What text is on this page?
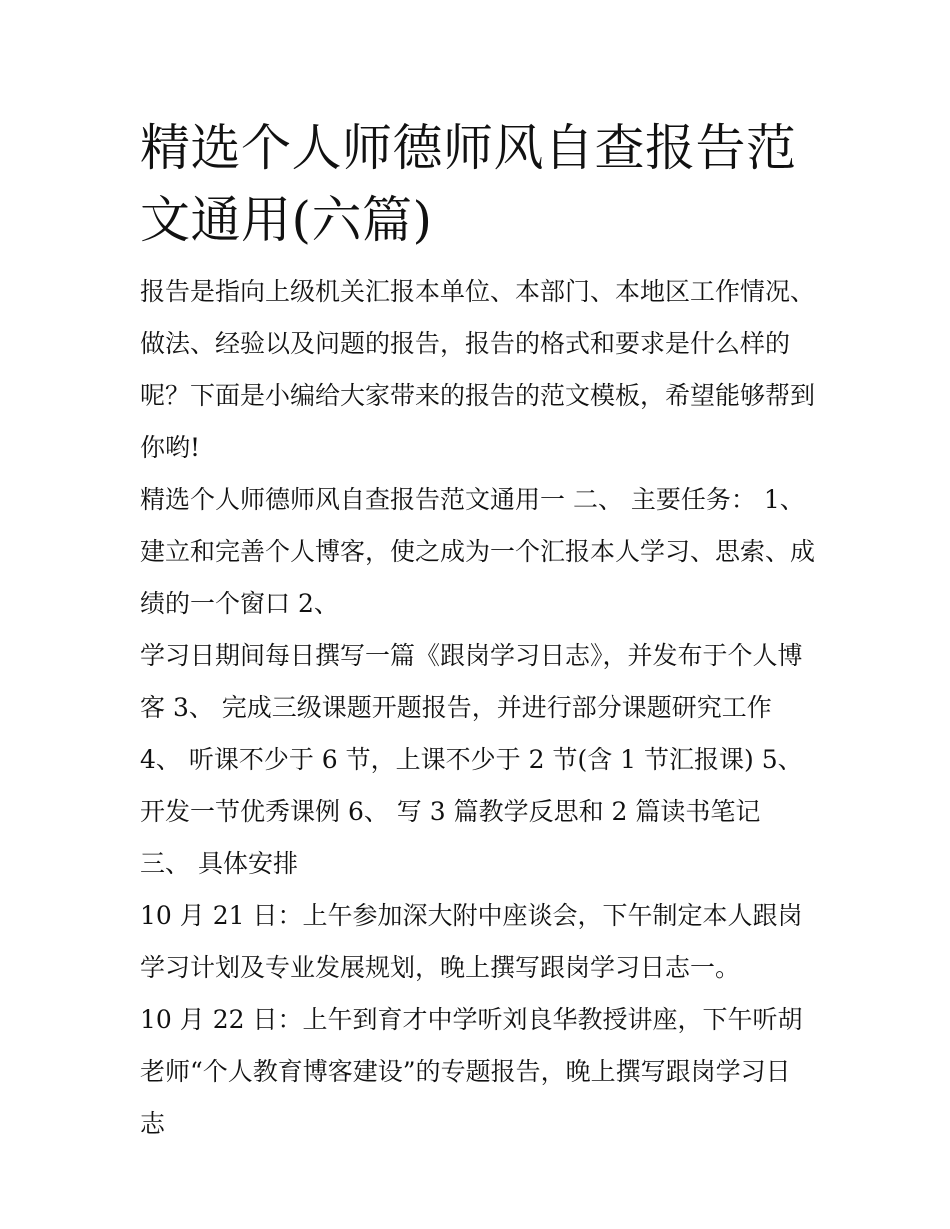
精选个人师德师风自查报告范文通用(六篇)

报告是指向上级机关汇报本单位、本部门、本地区工作情况、做法、经验以及问题的报告，报告的格式和要求是什么样的呢？下面是小编给大家带来的报告的范文模板，希望能够帮到你哟!

精选个人师德师风自查报告范文通用一 二、 主要任务： 1、 建立和完善个人博客，使之成为一个汇报本人学习、思索、成绩的一个窗口 2、

学习日期间每日撰写一篇《跟岗学习日志》，并发布于个人博客 3、 完成三级课题开题报告，并进行部分课题研究工作 4、 听课不少于 6 节，上课不少于 2 节(含 1 节汇报课) 5、 开发一节优秀课例 6、 写 3 篇教学反思和 2 篇读书笔记 三、 具体安排

10 月 21 日：上午参加深大附中座谈会，下午制定本人跟岗学习计划及专业发展规划，晚上撰写跟岗学习日志一。

10 月 22 日：上午到育才中学听刘良华教授讲座，下午听胡老师“个人教育博客建设”的专题报告，晚上撰写跟岗学习日志
